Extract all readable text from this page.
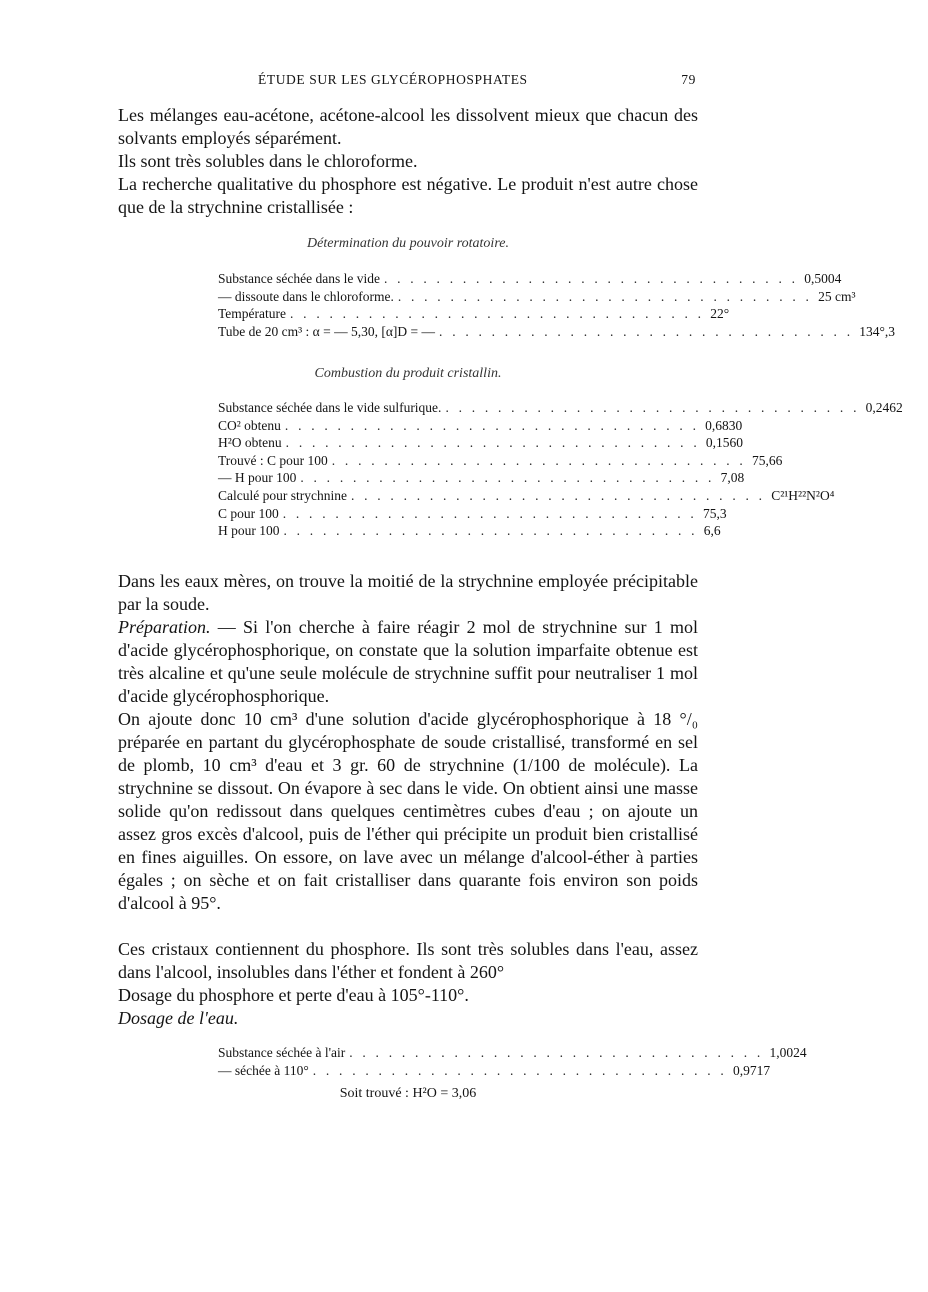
ÉTUDE SUR LES GLYCÉROPHOSPHATES	79

Les mélanges eau-acétone, acétone-alcool les dissolvent mieux que chacun des solvants employés séparément.

Ils sont très solubles dans le chloroforme.

La recherche qualitative du phosphore est négative. Le produit n'est autre chose que de la strychnine cristallisée :

Détermination du pouvoir rotatoire.
Substance séchée dans le vide . . . . . . . . . . . . . . . . . . . . . . . . . . . . . . . . 0,5004
— dissoute dans le chloroforme. . . . . . . . . . . . . . . . . . . . . . . . . . . . . . . . . 25 cm³
Température . . . . . . . . . . . . . . . . . . . . . . . . . . . . . . . . 22°
Tube de 20 cm³ : α = — 5,30, [α]D = — . . . . . . . . . . . . . . . . . . . . . . . . . . . . . . . . 134°,3
Combustion du produit cristallin.
Substance séchée dans le vide sulfurique. . . . . . . . . . . . . . . . . . . . . . . . . . . . . . . . . 0,2462
CO² obtenu . . . . . . . . . . . . . . . . . . . . . . . . . . . . . . . . 0,6830
H²O obtenu . . . . . . . . . . . . . . . . . . . . . . . . . . . . . . . . 0,1560
Trouvé : C pour 100 . . . . . . . . . . . . . . . . . . . . . . . . . . . . . . . . 75,66
— H pour 100 . . . . . . . . . . . . . . . . . . . . . . . . . . . . . . . . 7,08
Calculé pour strychnine . . . . . . . . . . . . . . . . . . . . . . . . . . . . . . . . C²¹H²²N²O⁴
C pour 100 . . . . . . . . . . . . . . . . . . . . . . . . . . . . . . . . 75,3
H pour 100 . . . . . . . . . . . . . . . . . . . . . . . . . . . . . . . . 6,6

Dans les eaux mères, on trouve la moitié de la strychnine employée précipitable par la soude.

Préparation. — Si l'on cherche à faire réagir 2 mol de strychnine sur 1 mol d'acide glycérophosphorique, on constate que la solution imparfaite obtenue est très alcaline et qu'une seule molécule de strychnine suffit pour neutraliser 1 mol d'acide glycérophosphorique.

On ajoute donc 10 cm³ d'une solution d'acide glycérophosphorique à 18 °/₀ préparée en partant du glycérophosphate de soude cristallisé, transformé en sel de plomb, 10 cm³ d'eau et 3 gr. 60 de strychnine (1/100 de molécule). La strychnine se dissout. On évapore à sec dans le vide. On obtient ainsi une masse solide qu'on redissout dans quelques centimètres cubes d'eau ; on ajoute un assez gros excès d'alcool, puis de l'éther qui précipite un produit bien cristallisé en fines aiguilles. On essore, on lave avec un mélange d'alcool-éther à parties égales ; on sèche et on fait cristalliser dans quarante fois environ son poids d'alcool à 95°.

Ces cristaux contiennent du phosphore. Ils sont très solubles dans l'eau, assez dans l'alcool, insolubles dans l'éther et fondent à 260°

Dosage du phosphore et perte d'eau à 105°-110°.

Dosage de l'eau.

Substance séchée à l'air . . . . . . . . . . . . . . . . . . . . . . . . . . . . . . . . 1,0024
— séchée à 110° . . . . . . . . . . . . . . . . . . . . . . . . . . . . . . . . 0,9717
Soit trouvé : H²O = 3,06
